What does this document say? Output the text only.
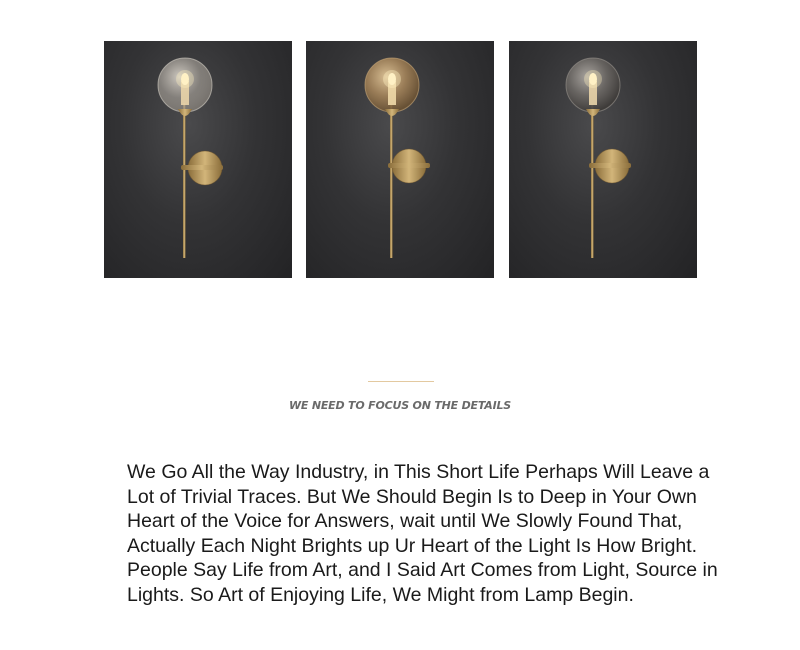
WE NEED TO FOCUS ON THE DETAILS

We Go All the Way Industry, in This Short Life Perhaps Will Leave a Lot of Trivial Traces. But We Should Begin Is to Deep in Your Own Heart of the Voice for Answers, wait until We Slowly Found That,

Actually Each Night Brights up Ur Heart of the Light Is How Bright. People Say Life from Art, and I Said Art Comes from Light, Source in Lights. So Art of Enjoying Life, We Might from Lamp Begin.
